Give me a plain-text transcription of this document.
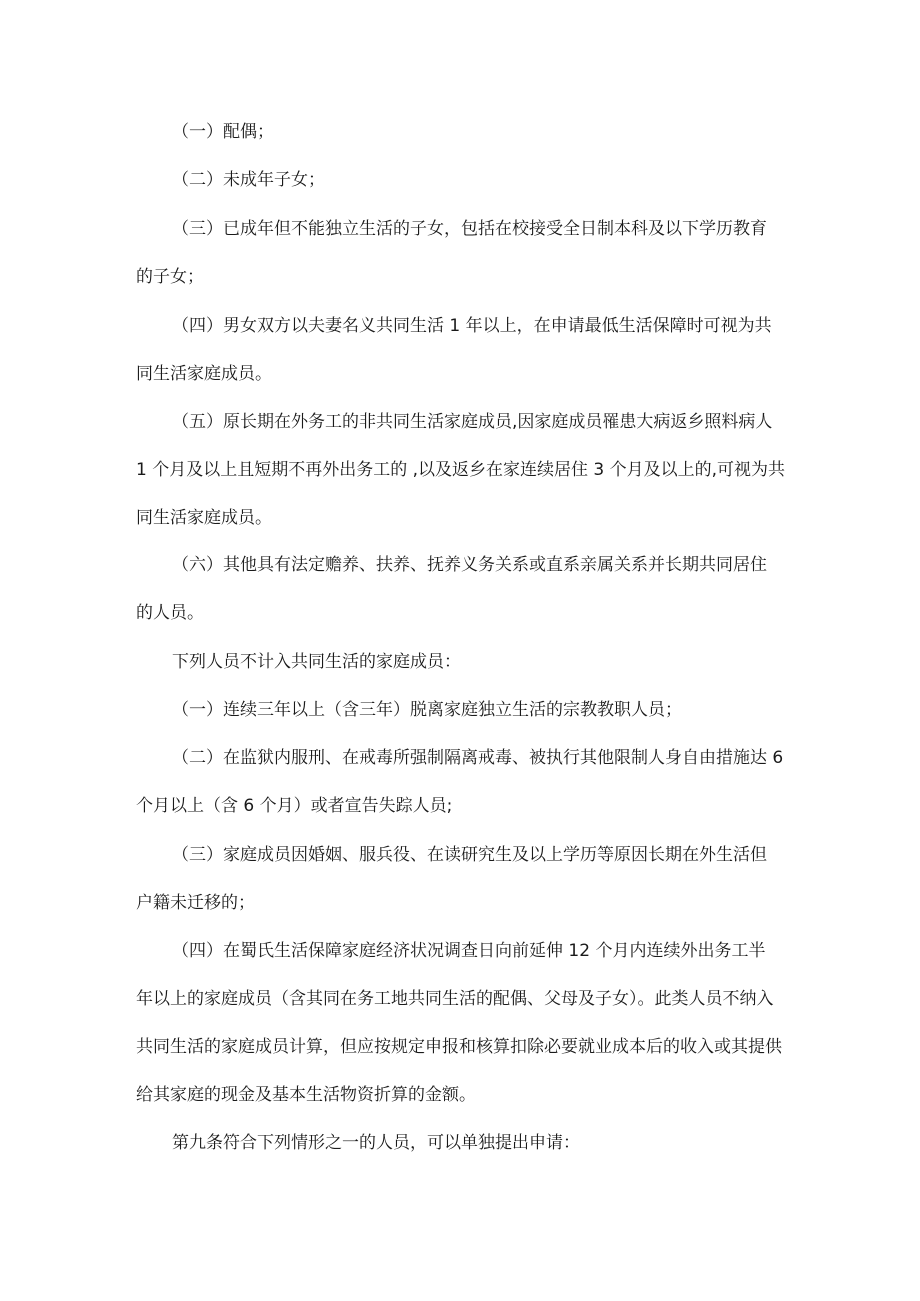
（一）配偶；
（二）未成年子女；
（三）已成年但不能独立生活的子女，包括在校接受全日制本科及以下学历教育
的子女；
（四）男女双方以夫妻名义共同生活 1 年以上，在申请最低生活保障时可视为共
同生活家庭成员。
（五）原长期在外务工的非共同生活家庭成员,因家庭成员罹患大病返乡照料病人
1 个月及以上且短期不再外出务工的 ,以及返乡在家连续居住 3 个月及以上的,可视为共
同生活家庭成员。
（六）其他具有法定赡养、扶养、抚养义务关系或直系亲属关系并长期共同居住
的人员。
下列人员不计入共同生活的家庭成员：
（一）连续三年以上（含三年）脱离家庭独立生活的宗教教职人员；
（二）在监狱内服刑、在戒毒所强制隔离戒毒、被执行其他限制人身自由措施达 6
个月以上（含 6 个月）或者宣告失踪人员;
（三）家庭成员因婚姻、服兵役、在读研究生及以上学历等原因长期在外生活但
户籍未迁移的；
（四）在蜀氏生活保障家庭经济状况调查日向前延伸 12 个月内连续外出务工半
年以上的家庭成员（含其同在务工地共同生活的配偶、父母及子女）。此类人员不纳入
共同生活的家庭成员计算，但应按规定申报和核算扣除必要就业成本后的收入或其提供
给其家庭的现金及基本生活物资折算的金额。
第九条符合下列情形之一的人员，可以单独提出申请：
